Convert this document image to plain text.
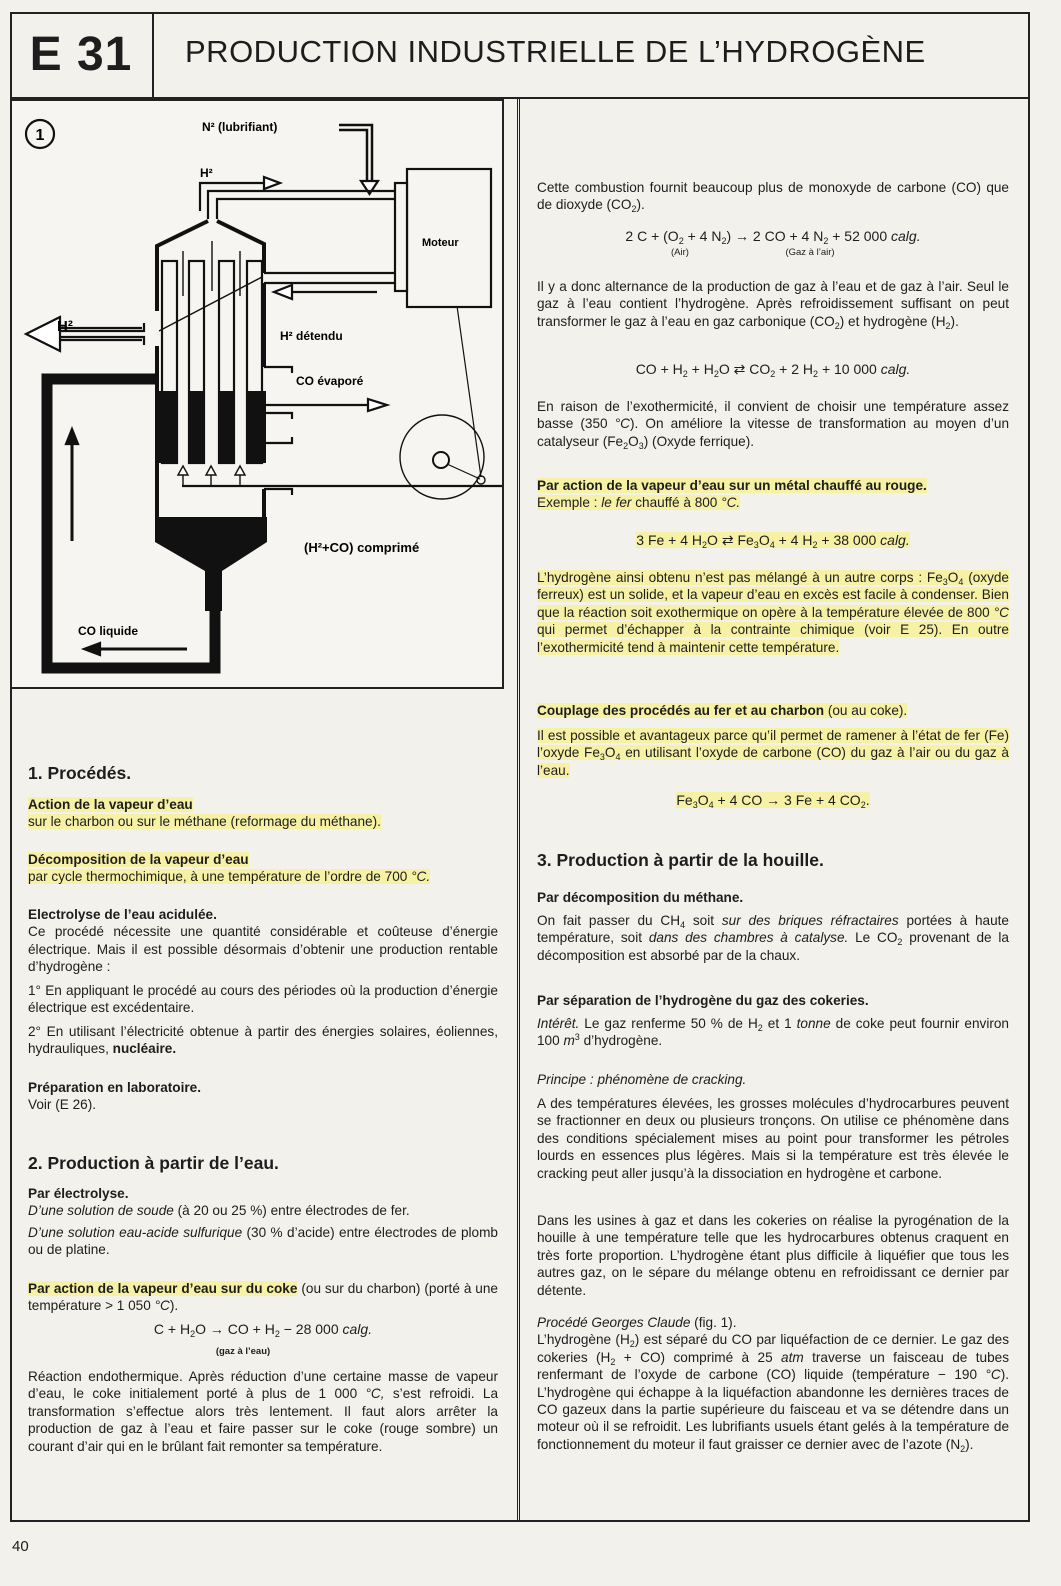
E 31	PRODUCTION INDUSTRIELLE DE L’HYDROGÈNE
1	N² (lubrifiant)
H²
Moteur
H²
H² détendu
CO évaporé
(H²+CO) comprimé
CO liquide
1. Procédés.
Action de la vapeur d’eau
sur le charbon ou sur le méthane (reformage du méthane).
Décomposition de la vapeur d’eau
par cycle thermochimique, à une température de l’ordre de 700 °C.
Electrolyse de l’eau acidulée.
Ce procédé nécessite une quantité considérable et coûteuse d’énergie électrique. Mais il est possible désormais d’obtenir une production rentable d’hydrogène :
1° En appliquant le procédé au cours des périodes où la production d’énergie électrique est excédentaire.
2° En utilisant l’électricité obtenue à partir des énergies solaires, éoliennes, hydrauliques, nucléaire.
Préparation en laboratoire.
Voir (E 26).
2. Production à partir de l’eau.
Par électrolyse.
D’une solution de soude (à 20 ou 25 %) entre électrodes de fer.
D’une solution eau-acide sulfurique (30 % d’acide) entre électrodes de plomb ou de platine.
Par action de la vapeur d’eau sur du coke (ou sur du charbon) (porté à une température > 1 050 °C).
$C + H_2O$ → CO + $H_2 - 28$ 000 calg.
(gaz à l’eau)
Réaction endothermique. Après réduction d’une certaine masse de vapeur d’eau, le coke initialement porté à plus de 1 000 °C, s’est refroidi. La transformation s’effectue alors très lentement. Il faut alors arrêter la production de gaz à l’eau et faire passer sur le coke (rouge sombre) un courant d’air qui en le brûlant fait remonter sa température.
Cette combustion fournit beaucoup plus de monoxyde de carbone (CO) que de dioxyde $(CO_2)$.
2 $C + (O_2 + 4$ $N_2) \to 2$ CO + 4 $N_2 + 52$ 000 calg.
(Air)	(Gaz à l’air)
Il y a donc alternance de la production de gaz à l’eau et de gaz à l’air. Seul le gaz à l’eau contient l’hydrogène. Après refroidissement suffisant on peut transformer le gaz à l’eau en gaz carbonique $(CO_2)$ et hydrogène $(H_2)$.
CO + $H_2 + H_2O$ ⇄ $CO_2 + 2$ $H_2 + 10$ 000 calg.
En raison de l’exothermicité, il convient de choisir une température assez basse (350 °C). On améliore la vitesse de transformation au moyen d’un catalyseur $(Fe_2O_3)$ (Oxyde ferrique).
Par action de la vapeur d’eau sur un métal chauffé au rouge.
Exemple : le fer chauffé à 800 °C.
3 Fe + 4 $H_2O$ ⇄ $Fe_3O_4 + 4$ $H_2 + 38$ 000 calg.
L’hydrogène ainsi obtenu n’est pas mélangé à un autre corps : $Fe_3O_4$ (oxyde ferreux) est un solide, et la vapeur d’eau en excès est facile à condenser. Bien que la réaction soit exothermique on opère à la température élevée de 800 °C qui permet d’échapper à la contrainte chimique (voir E 25). En outre l’exothermicité tend à maintenir cette température.
Couplage des procédés au fer et au charbon (ou au coke).
Il est possible et avantageux parce qu’il permet de ramener à l’état de fer (Fe) l’oxyde $Fe_3O_4$ en utilisant l’oxyde de carbone (CO) du gaz à l’air ou du gaz à l’eau.
$Fe_3O_4 + 4$ CO → 3 Fe + 4 $CO_2$.
3. Production à partir de la houille.
Par décomposition du méthane.
On fait passer du $CH_4$ soit sur des briques réfractaires portées à haute température, soit dans des chambres à catalyse. Le $CO_2$ provenant de la décomposition est absorbé par de la chaux.
Par séparation de l’hydrogène du gaz des cokeries.
Intérêt. Le gaz renferme 50 % de $H_2$ et 1 tonne de coke peut fournir environ 100 $m^3$ d’hydrogène.
Principe : phénomène de cracking.
A des températures élevées, les grosses molécules d’hydrocarbures peuvent se fractionner en deux ou plusieurs tronçons. On utilise ce phénomène dans des conditions spécialement mises au point pour transformer les pétroles lourds en essences plus légères. Mais si la température est très élevée le cracking peut aller jusqu’à la dissociation en hydrogène et carbone.
Dans les usines à gaz et dans les cokeries on réalise la pyrogénation de la houille à une température telle que les hydrocarbures obtenus craquent en très forte proportion. L’hydrogène étant plus difficile à liquéfier que tous les autres gaz, on le sépare du mélange obtenu en refroidissant ce dernier par détente.
Procédé Georges Claude (fig. 1).
L’hydrogène $(H_2)$ est séparé du CO par liquéfaction de ce dernier. Le gaz des cokeries $(H_2 + CO)$ comprimé à 25 atm traverse un faisceau de tubes renfermant de l’oxyde de carbone (CO) liquide (température − 190 °C). L’hydrogène qui échappe à la liquéfaction abandonne les dernières traces de CO gazeux dans la partie supérieure du faisceau et va se détendre dans un moteur où il se refroidit. Les lubrifiants usuels étant gelés à la température de fonctionnement du moteur il faut graisser ce dernier avec de l’azote $(N_2)$.
40
